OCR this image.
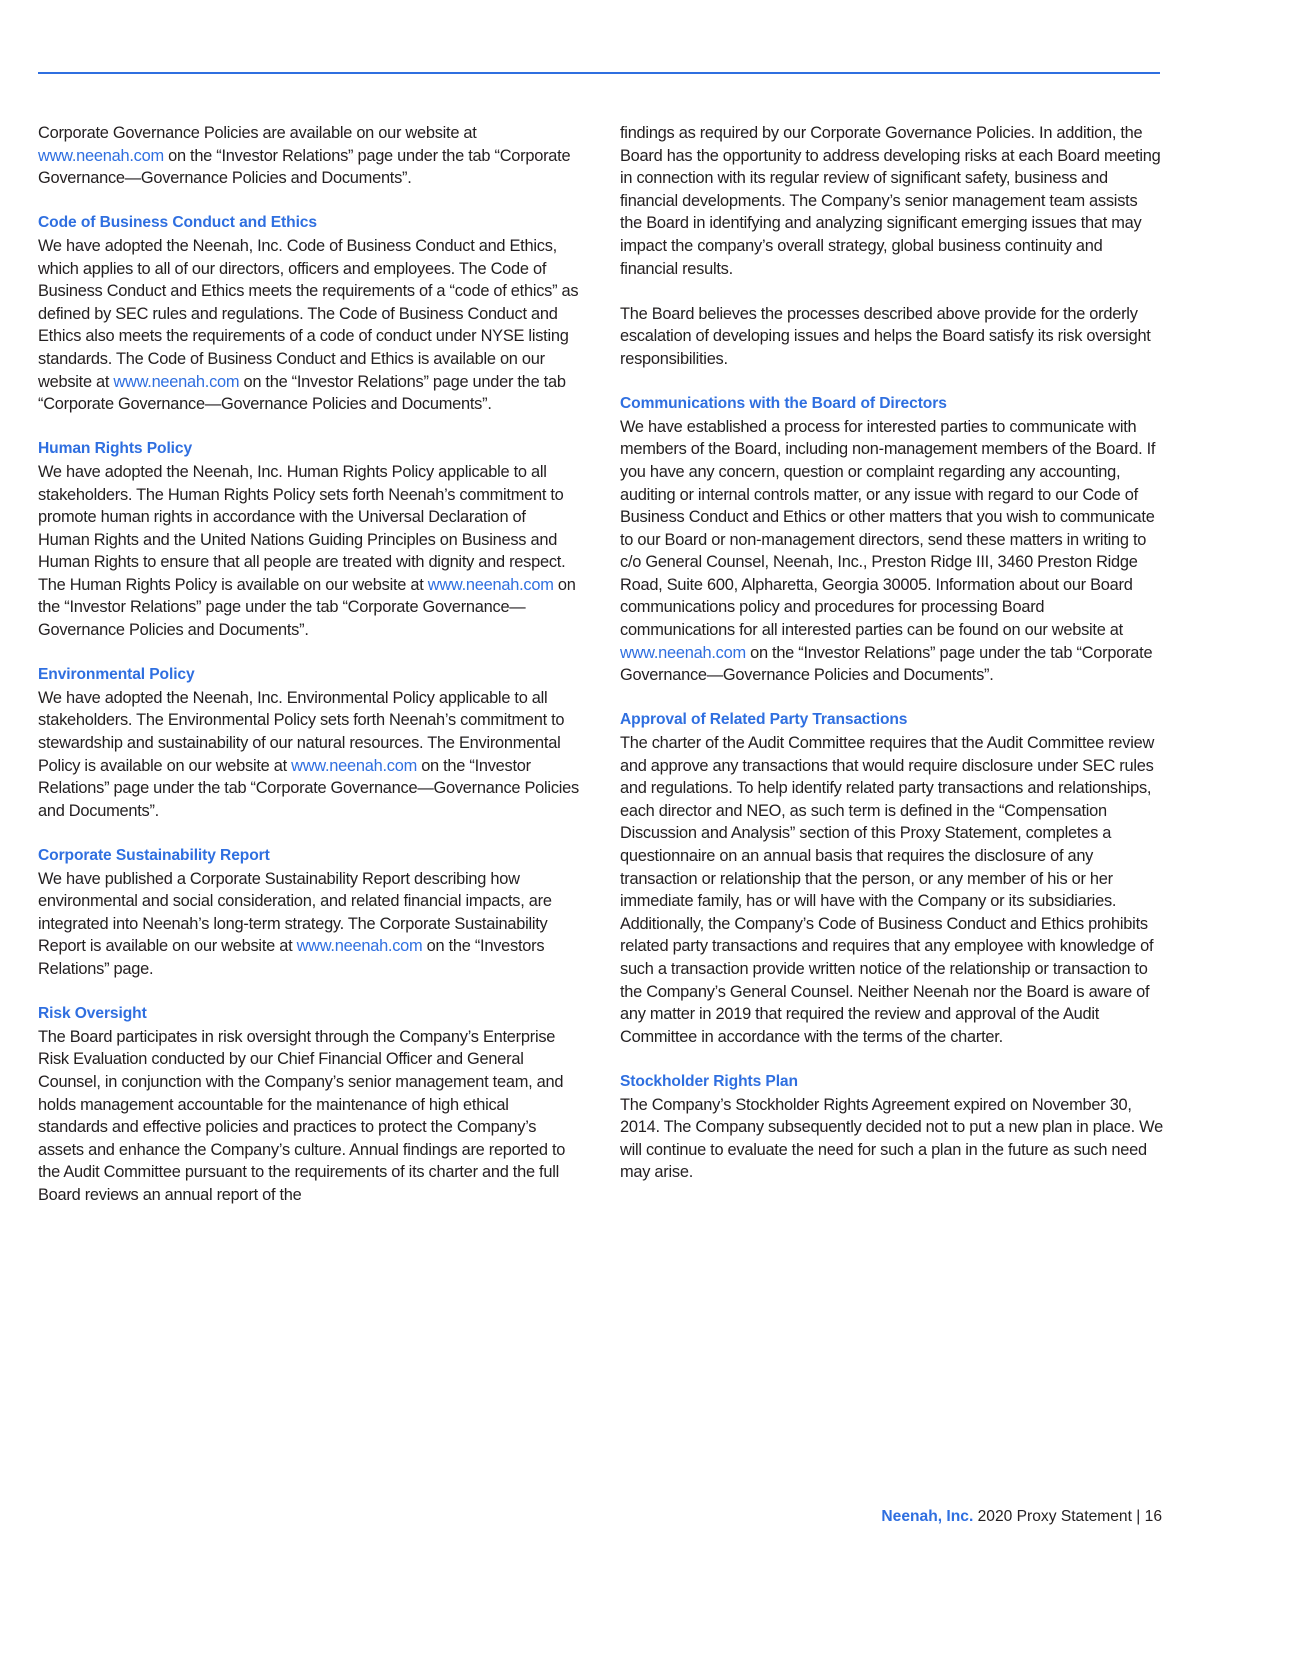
Corporate Governance Policies are available on our website at www.neenah.com on the “Investor Relations” page under the tab “Corporate Governance—Governance Policies and Documents”.

Code of Business Conduct and Ethics

We have adopted the Neenah, Inc. Code of Business Conduct and Ethics, which applies to all of our directors, officers and employees. The Code of Business Conduct and Ethics meets the requirements of a “code of ethics” as defined by SEC rules and regulations. The Code of Business Conduct and Ethics also meets the requirements of a code of conduct under NYSE listing standards. The Code of Business Conduct and Ethics is available on our website at www.neenah.com on the “Investor Relations” page under the tab “Corporate Governance—Governance Policies and Documents”.

Human Rights Policy

We have adopted the Neenah, Inc. Human Rights Policy applicable to all stakeholders. The Human Rights Policy sets forth Neenah’s commitment to promote human rights in accordance with the Universal Declaration of Human Rights and the United Nations Guiding Principles on Business and Human Rights to ensure that all people are treated with dignity and respect. The Human Rights Policy is available on our website at www.neenah.com on the “Investor Relations” page under the tab “Corporate Governance—Governance Policies and Documents”.

Environmental Policy

We have adopted the Neenah, Inc. Environmental Policy applicable to all stakeholders. The Environmental Policy sets forth Neenah’s commitment to stewardship and sustainability of our natural resources. The Environmental Policy is available on our website at www.neenah.com on the “Investor Relations” page under the tab “Corporate Governance—Governance Policies and Documents”.

Corporate Sustainability Report

We have published a Corporate Sustainability Report describing how environmental and social consideration, and related financial impacts, are integrated into Neenah’s long-term strategy. The Corporate Sustainability Report is available on our website at www.neenah.com on the “Investors Relations” page.

Risk Oversight

The Board participates in risk oversight through the Company’s Enterprise Risk Evaluation conducted by our Chief Financial Officer and General Counsel, in conjunction with the Company’s senior management team, and holds management accountable for the maintenance of high ethical standards and effective policies and practices to protect the Company’s assets and enhance the Company’s culture. Annual findings are reported to the Audit Committee pursuant to the requirements of its charter and the full Board reviews an annual report of the

findings as required by our Corporate Governance Policies. In addition, the Board has the opportunity to address developing risks at each Board meeting in connection with its regular review of significant safety, business and financial developments. The Company’s senior management team assists the Board in identifying and analyzing significant emerging issues that may impact the company’s overall strategy, global business continuity and financial results.

The Board believes the processes described above provide for the orderly escalation of developing issues and helps the Board satisfy its risk oversight responsibilities.

Communications with the Board of Directors

We have established a process for interested parties to communicate with members of the Board, including non-management members of the Board. If you have any concern, question or complaint regarding any accounting, auditing or internal controls matter, or any issue with regard to our Code of Business Conduct and Ethics or other matters that you wish to communicate to our Board or non-management directors, send these matters in writing to c/o General Counsel, Neenah, Inc., Preston Ridge III, 3460 Preston Ridge Road, Suite 600, Alpharetta, Georgia 30005. Information about our Board communications policy and procedures for processing Board communications for all interested parties can be found on our website at www.neenah.com on the “Investor Relations” page under the tab “Corporate Governance—Governance Policies and Documents”.

Approval of Related Party Transactions

The charter of the Audit Committee requires that the Audit Committee review and approve any transactions that would require disclosure under SEC rules and regulations. To help identify related party transactions and relationships, each director and NEO, as such term is defined in the “Compensation Discussion and Analysis” section of this Proxy Statement, completes a questionnaire on an annual basis that requires the disclosure of any transaction or relationship that the person, or any member of his or her immediate family, has or will have with the Company or its subsidiaries. Additionally, the Company’s Code of Business Conduct and Ethics prohibits related party transactions and requires that any employee with knowledge of such a transaction provide written notice of the relationship or transaction to the Company’s General Counsel. Neither Neenah nor the Board is aware of any matter in 2019 that required the review and approval of the Audit Committee in accordance with the terms of the charter.

Stockholder Rights Plan

The Company’s Stockholder Rights Agreement expired on November 30, 2014. The Company subsequently decided not to put a new plan in place. We will continue to evaluate the need for such a plan in the future as such need may arise.

Neenah, Inc. 2020 Proxy Statement | 16
